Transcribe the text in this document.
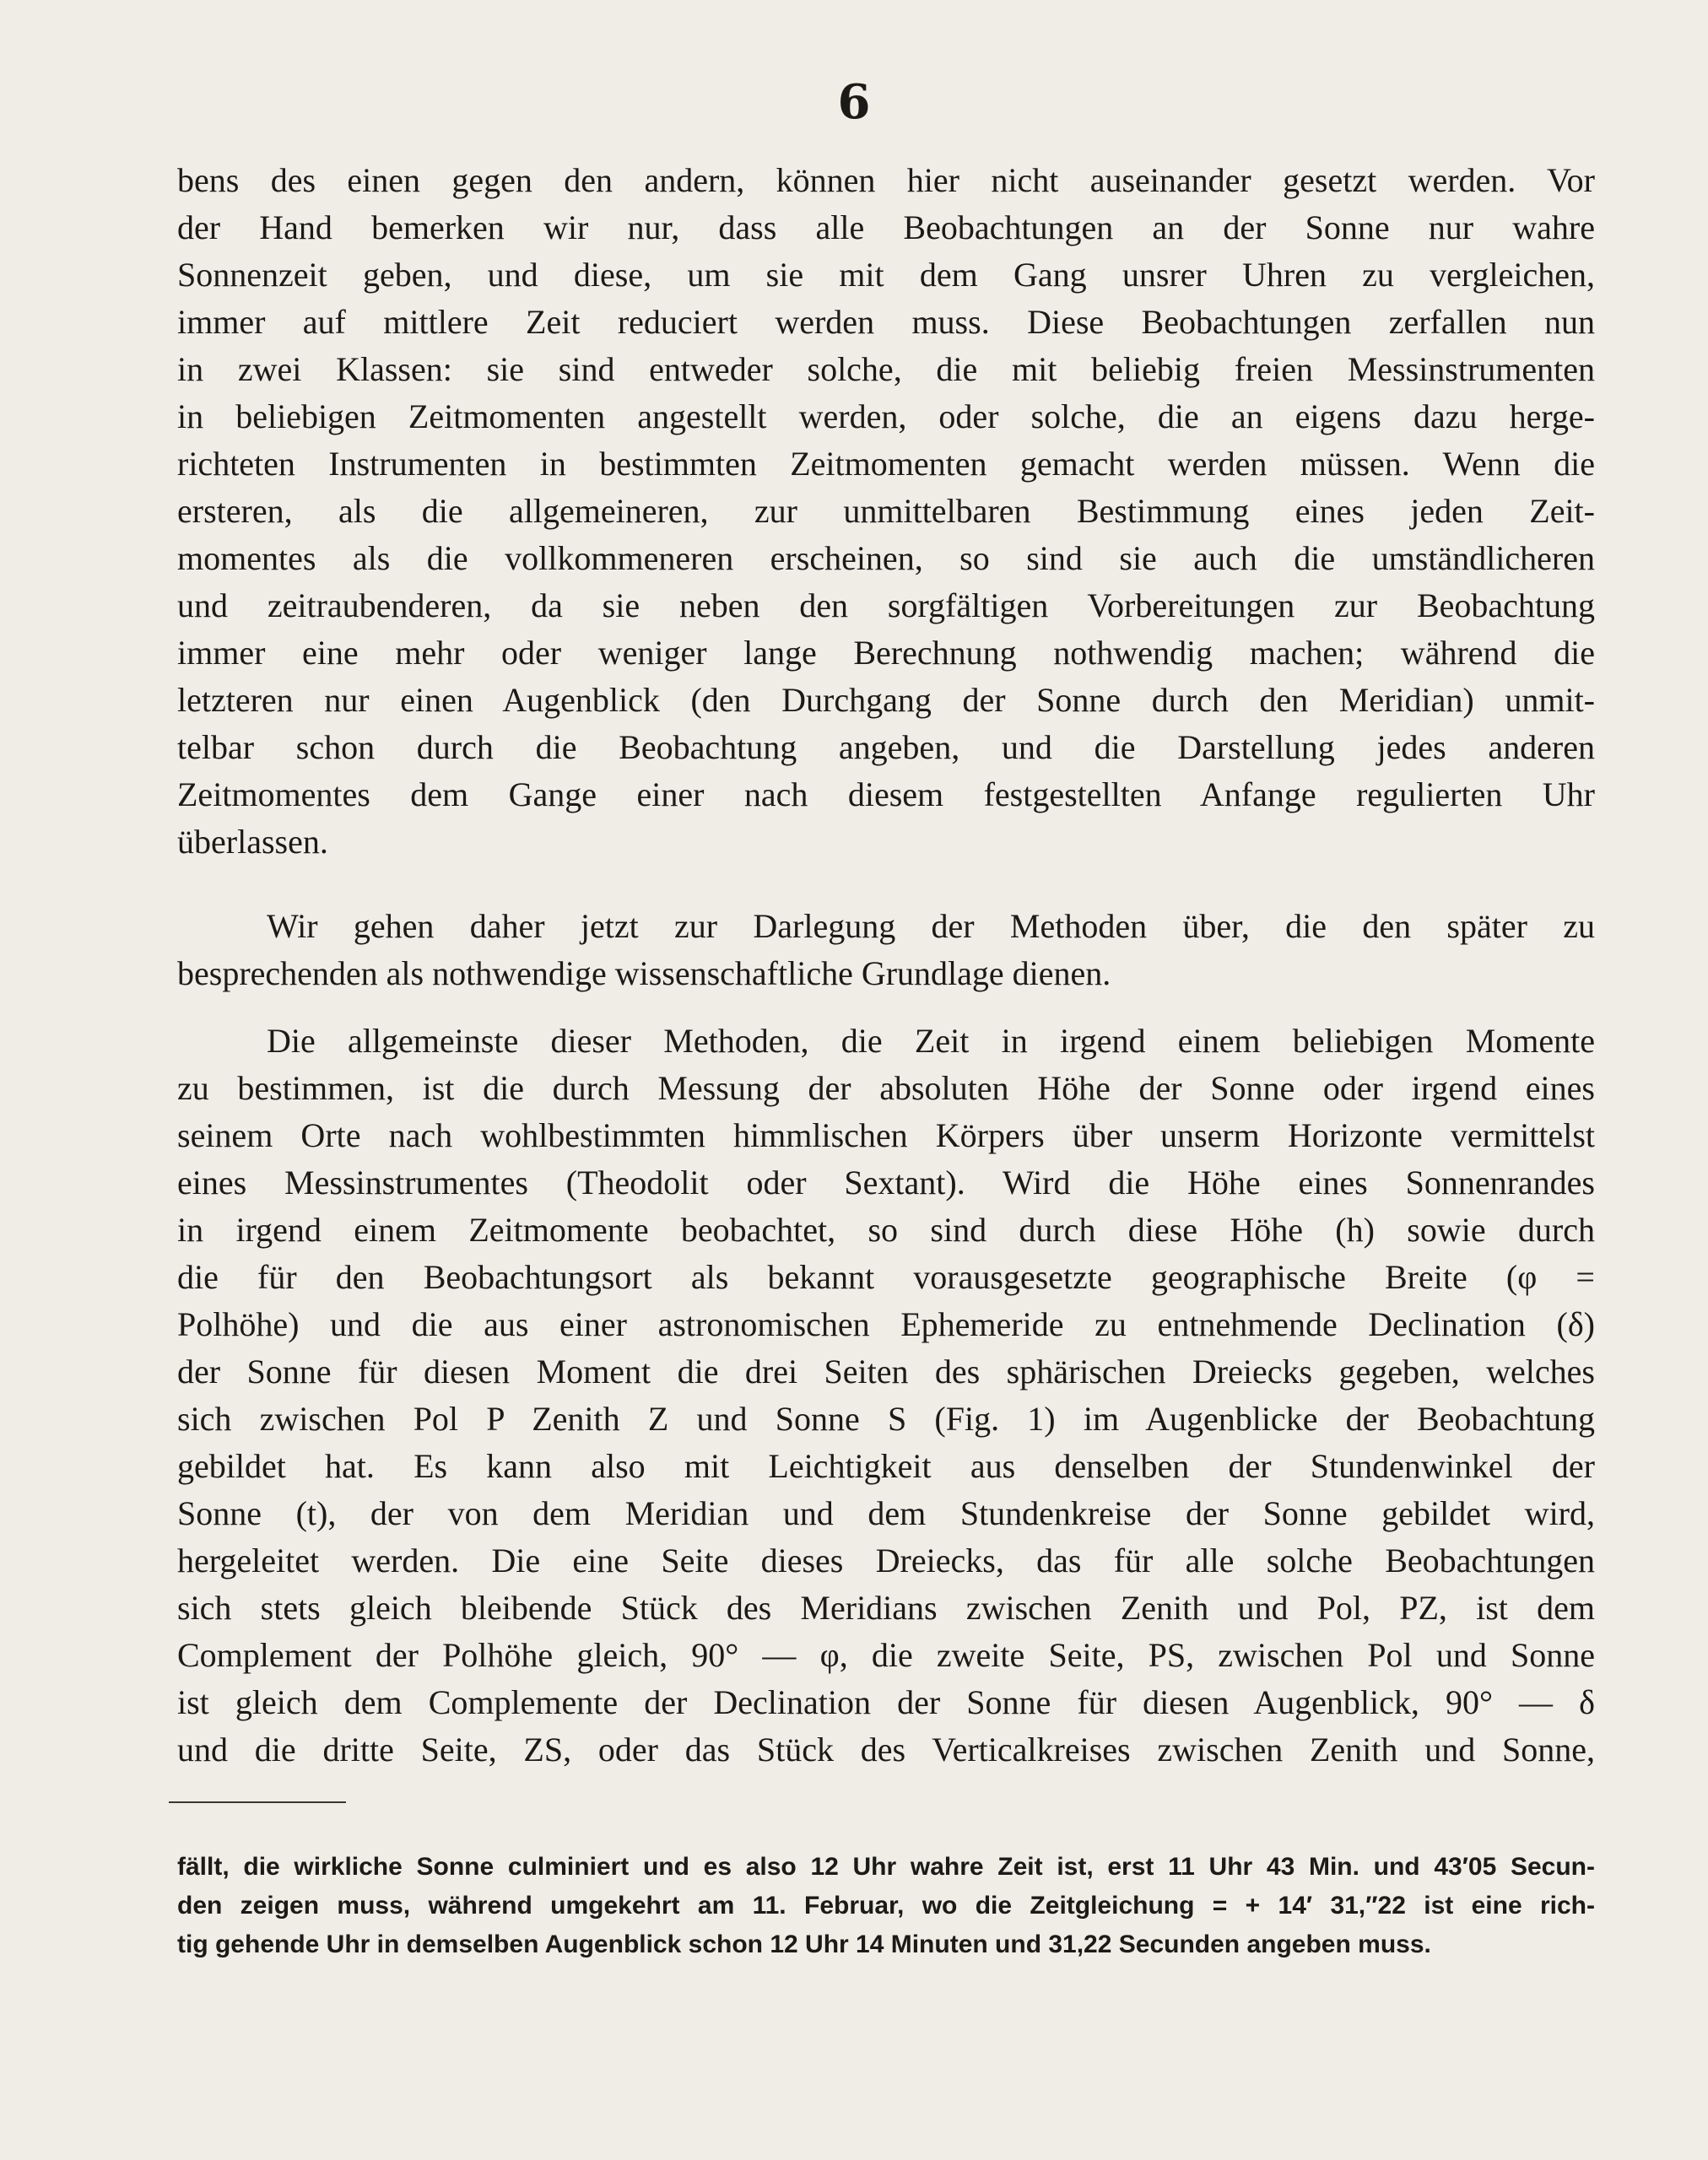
6
bens des einen gegen den andern, können hier nicht auseinander gesetzt werden. Vor
der Hand bemerken wir nur, dass alle Beobachtungen an der Sonne nur wahre
Sonnenzeit geben, und diese, um sie mit dem Gang unsrer Uhren zu vergleichen,
immer auf mittlere Zeit reduciert werden muss. Diese Beobachtungen zerfallen nun
in zwei Klassen: sie sind entweder solche, die mit beliebig freien Messinstrumenten
in beliebigen Zeitmomenten angestellt werden, oder solche, die an eigens dazu herge-
richteten Instrumenten in bestimmten Zeitmomenten gemacht werden müssen. Wenn die
ersteren, als die allgemeineren, zur unmittelbaren Bestimmung eines jeden Zeit-
momentes als die vollkommeneren erscheinen, so sind sie auch die umständlicheren
und zeitraubenderen, da sie neben den sorgfältigen Vorbereitungen zur Beobachtung
immer eine mehr oder weniger lange Berechnung nothwendig machen; während die
letzteren nur einen Augenblick (den Durchgang der Sonne durch den Meridian) unmit-
telbar schon durch die Beobachtung angeben, und die Darstellung jedes anderen
Zeitmomentes dem Gange einer nach diesem festgestellten Anfange regulierten Uhr
überlassen.
Wir gehen daher jetzt zur Darlegung der Methoden über, die den später zu
besprechenden als nothwendige wissenschaftliche Grundlage dienen.
Die allgemeinste dieser Methoden, die Zeit in irgend einem beliebigen Momente
zu bestimmen, ist die durch Messung der absoluten Höhe der Sonne oder irgend eines
seinem Orte nach wohlbestimmten himmlischen Körpers über unserm Horizonte vermittelst
eines Messinstrumentes (Theodolit oder Sextant). Wird die Höhe eines Sonnenrandes
in irgend einem Zeitmomente beobachtet, so sind durch diese Höhe (h) sowie durch
die für den Beobachtungsort als bekannt vorausgesetzte geographische Breite (φ =
Polhöhe) und die aus einer astronomischen Ephemeride zu entnehmende Declination (δ)
der Sonne für diesen Moment die drei Seiten des sphärischen Dreiecks gegeben, welches
sich zwischen Pol P Zenith Z und Sonne S (Fig. 1) im Augenblicke der Beobachtung
gebildet hat. Es kann also mit Leichtigkeit aus denselben der Stundenwinkel der
Sonne (t), der von dem Meridian und dem Stundenkreise der Sonne gebildet wird,
hergeleitet werden. Die eine Seite dieses Dreiecks, das für alle solche Beobachtungen
sich stets gleich bleibende Stück des Meridians zwischen Zenith und Pol, PZ, ist dem
Complement der Polhöhe gleich, 90° — φ, die zweite Seite, PS, zwischen Pol und Sonne
ist gleich dem Complemente der Declination der Sonne für diesen Augenblick, 90° — δ
und die dritte Seite, ZS, oder das Stück des Verticalkreises zwischen Zenith und Sonne,
fällt, die wirkliche Sonne culminiert und es also 12 Uhr wahre Zeit ist, erst 11 Uhr 43 Min. und 43′05 Secun-
den zeigen muss, während umgekehrt am 11. Februar, wo die Zeitgleichung = + 14′ 31,″22 ist eine rich-
tig gehende Uhr in demselben Augenblick schon 12 Uhr 14 Minuten und 31,22 Secunden angeben muss.
